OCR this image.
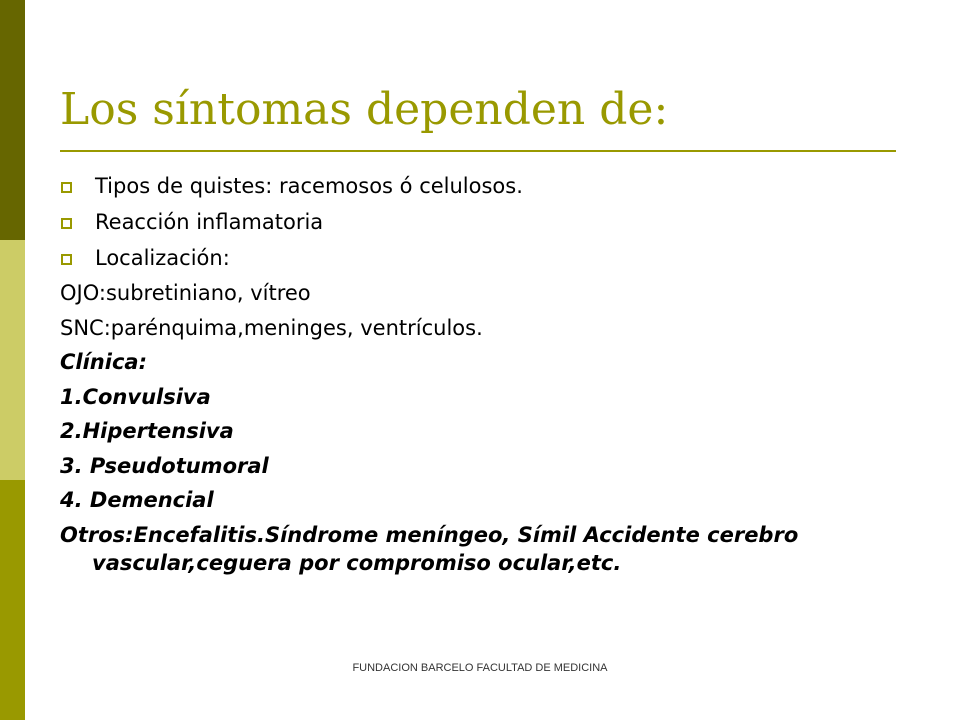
Los síntomas dependen de:
Tipos de quistes: racemosos ó celulosos.
Reacción inflamatoria
Localización:
OJO:subretiniano, vítreo
SNC:parénquima,meninges, ventrículos.
Clínica:
1.Convulsiva
2.Hipertensiva
3. Pseudotumoral
4. Demencial
Otros:Encefalitis.Síndrome meníngeo, Símil Accidente cerebro vascular,ceguera por compromiso ocular,etc.
FUNDACION BARCELO FACULTAD DE MEDICINA
